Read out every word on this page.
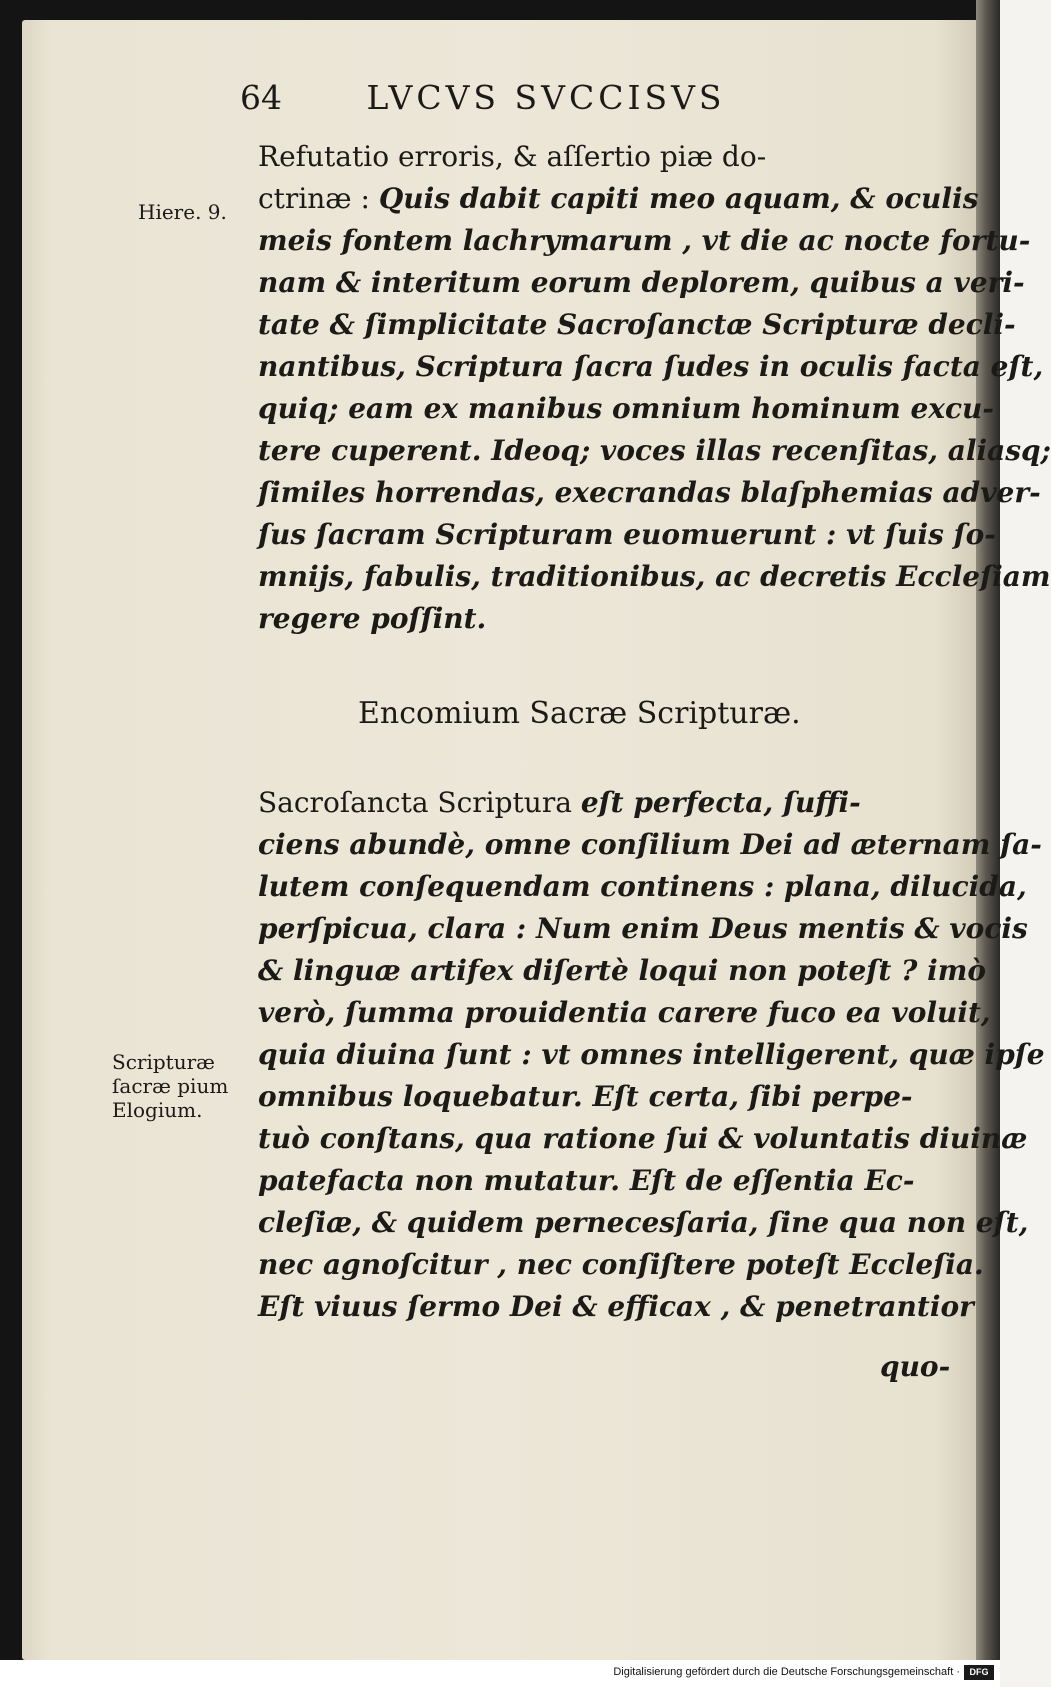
64	LVCVS SVCCISVS
Hiere. 9.
Refutatio erroris, & aſſertio piæ do-
ctrinæ : Quis dabit capiti meo aquam, & oculis
meis fontem lachrymarum , vt die ac nocte fortu-
nam & interitum eorum deplorem, quibus a veri-
tate & ſimplicitate Sacroſanctæ Scripturæ decli-
nantibus, Scriptura ſacra ſudes in oculis facta eſt,
quiq; eam ex manibus omnium hominum excu-
tere cuperent. Ideoq; voces illas recenſitas, aliasq;
ſimiles horrendas, execrandas blaſphemias adver-
ſus ſacram Scripturam euomuerunt : vt ſuis ſo-
mnijs, fabulis, traditionibus, ac decretis Eccleſiam
regere poſſint.
Encomium Sacræ Scripturæ.
Sacroſancta Scriptura eſt perfecta, ſuffi-
ciens abundè, omne conſilium Dei ad æternam ſa-
lutem conſequendam continens : plana, dilucida,
perſpicua, clara : Num enim Deus mentis & vocis
& linguæ artifex diſertè loqui non poteſt ? imò
verò, ſumma prouidentia carere fuco ea voluit,
quia diuina ſunt : vt omnes intelligerent, quæ ipſe
omnibus loquebatur. Eſt certa, ſibi perpe-
tuò conſtans, qua ratione ſui & voluntatis diuinæ
patefacta non mutatur. Eſt de eſſentia Ec-
cleſiæ, & quidem pernecesſaria, ſine qua non eſt,
nec agnoſcitur , nec conſiſtere poteſt Eccleſia.
Eſt viuus ſermo Dei & efficax , & penetrantior
Scripturæ
ſacræ pium
Elogium.
quo-
Digitalisierung gefördert durch die Deutsche Forschungsgemeinschaft ·	DFG
